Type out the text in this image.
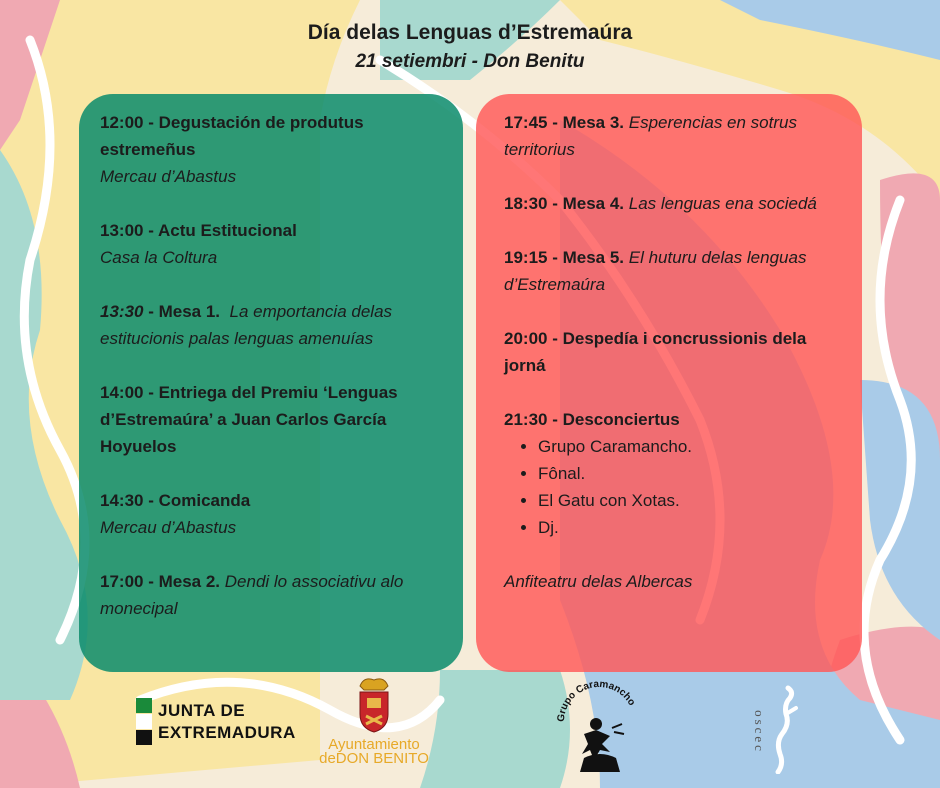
Día delas Lenguas d’Estremaúra
21 setiembri - Don Benitu
12:00 - Degustación de produtus estremeñus
Mercau d’Abastus
13:00 - Actu Estitucional
Casa la Coltura
13:30 - Mesa 1. La emportancia delas estitucionis palas lenguas amenuías
14:00 - Entriega del Premiu ‘Lenguas d’Estremaúra’ a Juan Carlos García Hoyuelos
14:30 - Comicanda
Mercau d’Abastus
17:00 - Mesa 2. Dendi lo associativu alo monecipal
17:45 - Mesa 3. Esperencias en sotrus territorius
18:30 - Mesa 4. Las lenguas ena sociedá
19:15 - Mesa 5. El huturu delas lenguas d’Estremaúra
20:00 - Despedía i concrussionis dela jorná
21:30 - Desconciertus
• Grupo Caramancho.
• Fônal.
• El Gatu con Xotas.
• Dj.
Anfiteatru delas Albercas
JUNTA DE
EXTREMADURA
Ayuntamiento
deDON BENITO
Grupo Caramancho
oscec
